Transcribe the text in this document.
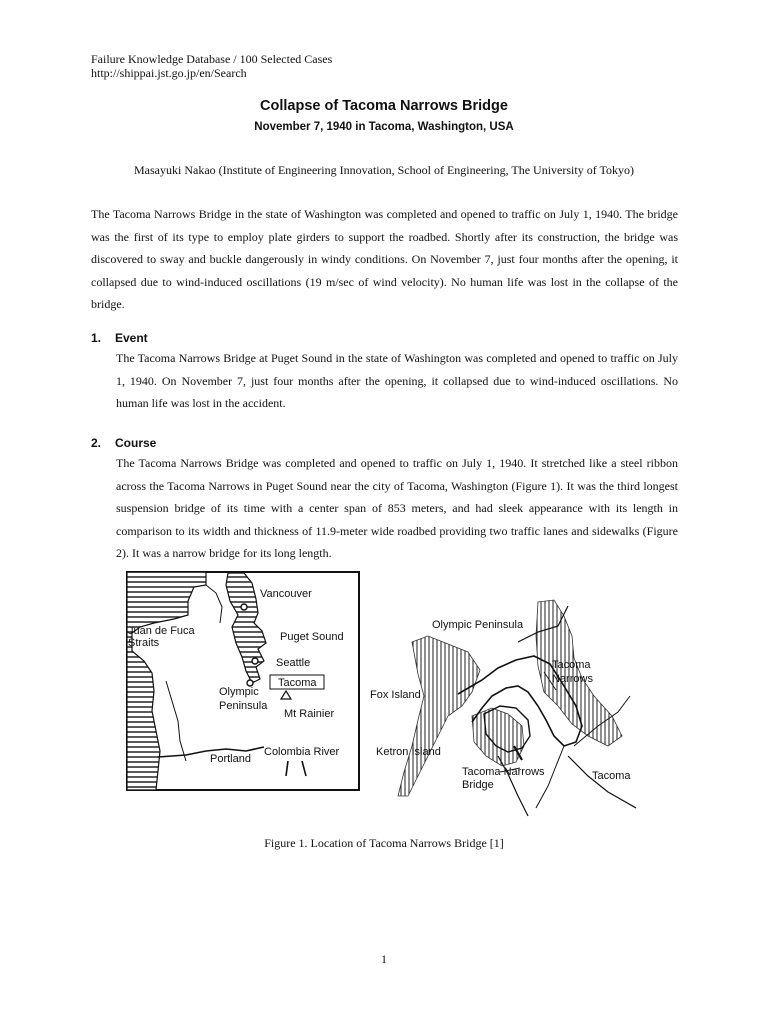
Failure Knowledge Database / 100 Selected Cases
http://shippai.jst.go.jp/en/Search
Collapse of Tacoma Narrows Bridge
November 7, 1940 in Tacoma, Washington, USA
Masayuki Nakao (Institute of Engineering Innovation, School of Engineering, The University of Tokyo)

The Tacoma Narrows Bridge in the state of Washington was completed and opened to traffic on July 1, 1940. The bridge was the first of its type to employ plate girders to support the roadbed. Shortly after its construction, the bridge was discovered to sway and buckle dangerously in windy conditions. On November 7, just four months after the opening, it collapsed due to wind-induced oscillations (19 m/sec of wind velocity). No human life was lost in the collapse of the bridge.

1. Event

The Tacoma Narrows Bridge at Puget Sound in the state of Washington was completed and opened to traffic on July 1, 1940. On November 7, just four months after the opening, it collapsed due to wind-induced oscillations. No human life was lost in the accident.

2. Course

The Tacoma Narrows Bridge was completed and opened to traffic on July 1, 1940. It stretched like a steel ribbon across the Tacoma Narrows in Puget Sound near the city of Tacoma, Washington (Figure 1). It was the third longest suspension bridge of its time with a center span of 853 meters, and had sleek appearance with its length in comparison to its width and thickness of 11.9-meter wide roadbed providing two traffic lanes and sidewalks (Figure 2). It was a narrow bridge for its long length.

Vancouver
Juan de Fuca
Straits	Puget Sound
Seattle
Tacoma
Olympic
Peninsula
Mt Rainier
Portland
Colombia River
Olympic Peninsula
Tacoma
Narrows
Fox Island
Ketron Island
Tacoma Narrows
Bridge
Tacoma
Figure 1. Location of Tacoma Narrows Bridge [1]
1
